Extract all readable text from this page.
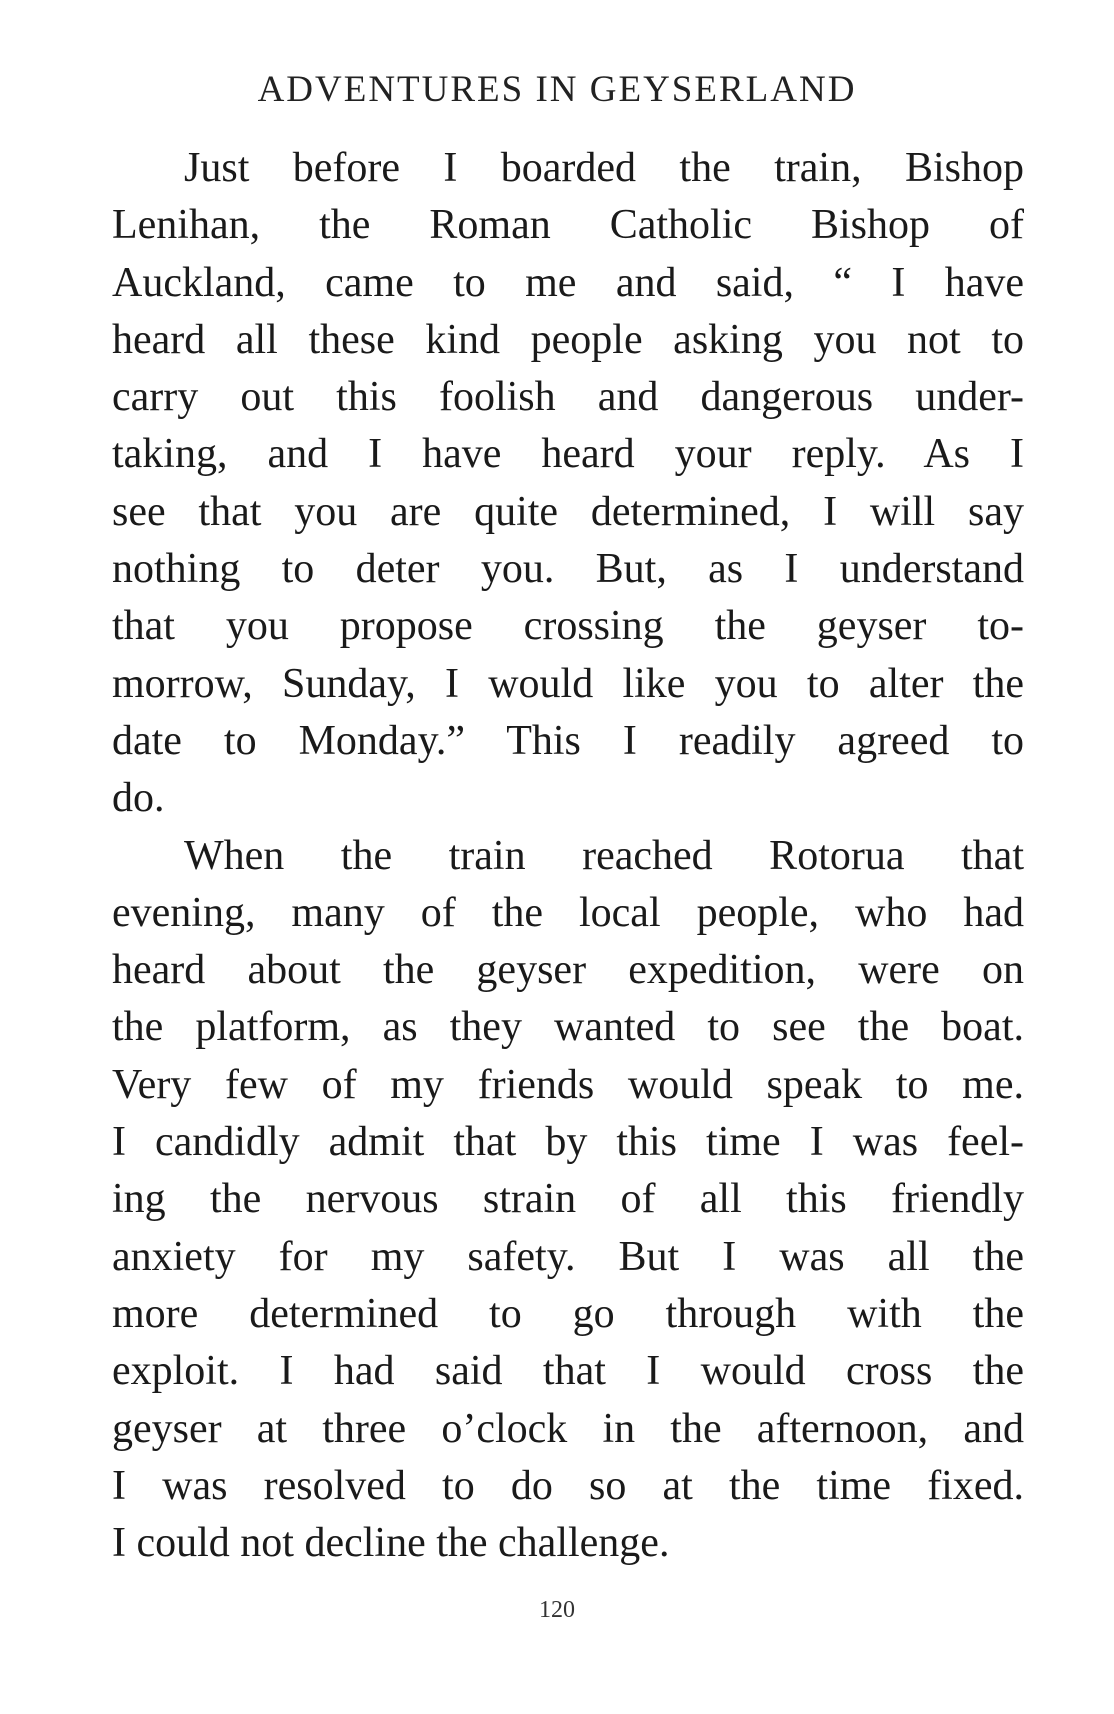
ADVENTURES IN GEYSERLAND
Just before I boarded the train, Bishop
Lenihan, the Roman Catholic Bishop of
Auckland, came to me and said, “ I have
heard all these kind people asking you not to
carry out this foolish and dangerous under-
taking, and I have heard your reply. As I
see that you are quite determined, I will say
nothing to deter you. But, as I understand
that you propose crossing the geyser to-
morrow, Sunday, I would like you to alter the
date to Monday.” This I readily agreed to
do.
When the train reached Rotorua that
evening, many of the local people, who had
heard about the geyser expedition, were on
the platform, as they wanted to see the boat.
Very few of my friends would speak to me.
I candidly admit that by this time I was feel-
ing the nervous strain of all this friendly
anxiety for my safety. But I was all the
more determined to go through with the
exploit. I had said that I would cross the
geyser at three o’clock in the afternoon, and
I was resolved to do so at the time fixed.
I could not decline the challenge.
120
